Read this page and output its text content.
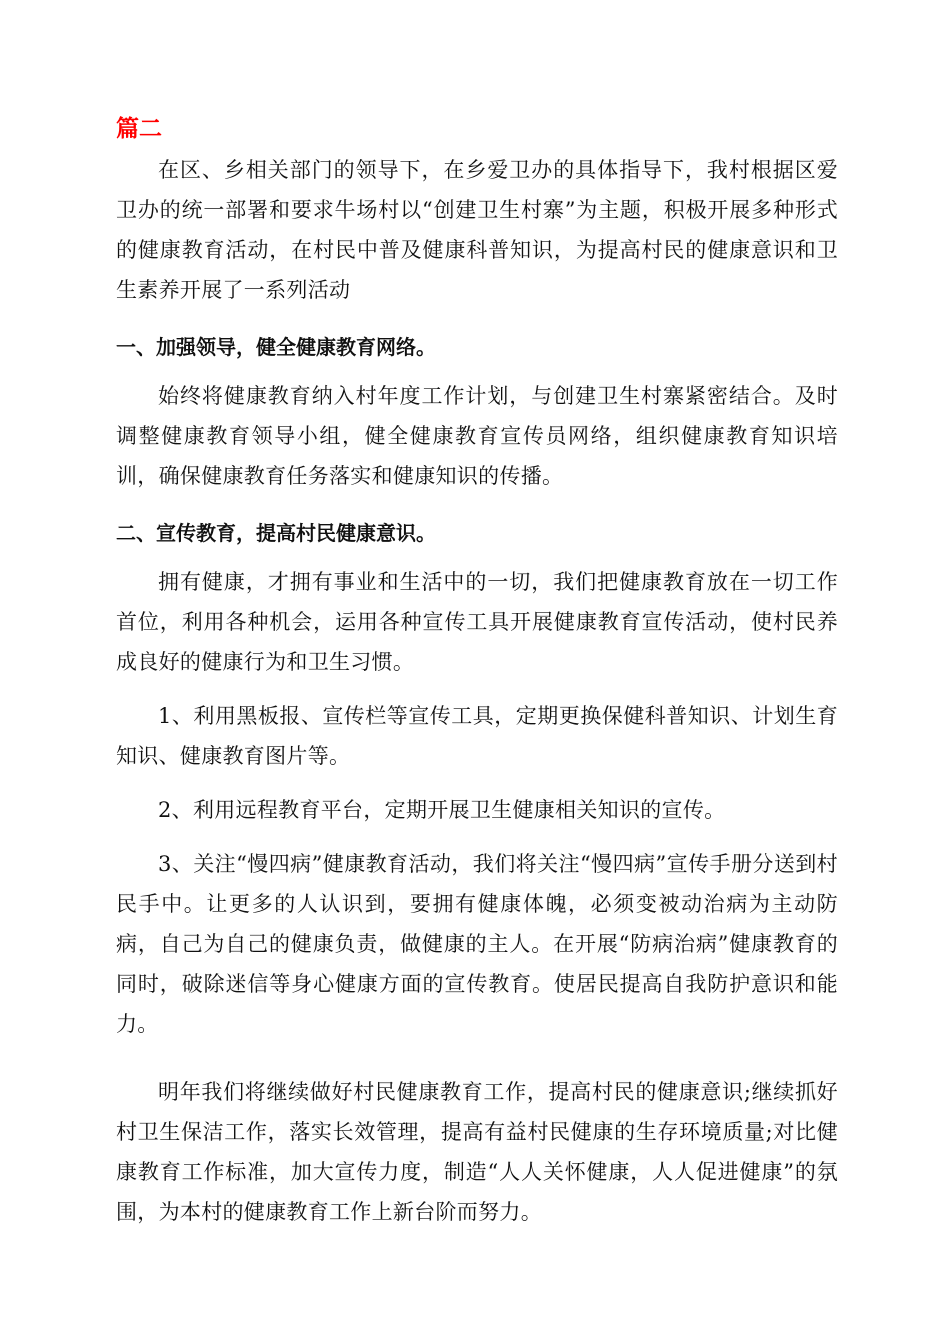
篇二

在区、乡相关部门的领导下，在乡爱卫办的具体指导下，我村根据区爱卫办的统一部署和要求牛场村以“创建卫生村寨”为主题，积极开展多种形式的健康教育活动，在村民中普及健康科普知识，为提高村民的健康意识和卫生素养开展了一系列活动

一、加强领导，健全健康教育网络。

始终将健康教育纳入村年度工作计划，与创建卫生村寨紧密结合。及时调整健康教育领导小组，健全健康教育宣传员网络，组织健康教育知识培训，确保健康教育任务落实和健康知识的传播。

二、宣传教育，提高村民健康意识。

拥有健康，才拥有事业和生活中的一切，我们把健康教育放在一切工作首位，利用各种机会，运用各种宣传工具开展健康教育宣传活动，使村民养成良好的健康行为和卫生习惯。

1、利用黑板报、宣传栏等宣传工具，定期更换保健科普知识、计划生育知识、健康教育图片等。

2、利用远程教育平台，定期开展卫生健康相关知识的宣传。

3、关注“慢四病”健康教育活动，我们将关注“慢四病”宣传手册分送到村民手中。让更多的人认识到，要拥有健康体魄，必须变被动治病为主动防病，自己为自己的健康负责，做健康的主人。在开展“防病治病”健康教育的同时，破除迷信等身心健康方面的宣传教育。使居民提高自我防护意识和能力。

明年我们将继续做好村民健康教育工作，提高村民的健康意识;继续抓好村卫生保洁工作，落实长效管理，提高有益村民健康的生存环境质量;对比健康教育工作标准，加大宣传力度，制造“人人关怀健康，人人促进健康”的氛围，为本村的健康教育工作上新台阶而努力。
